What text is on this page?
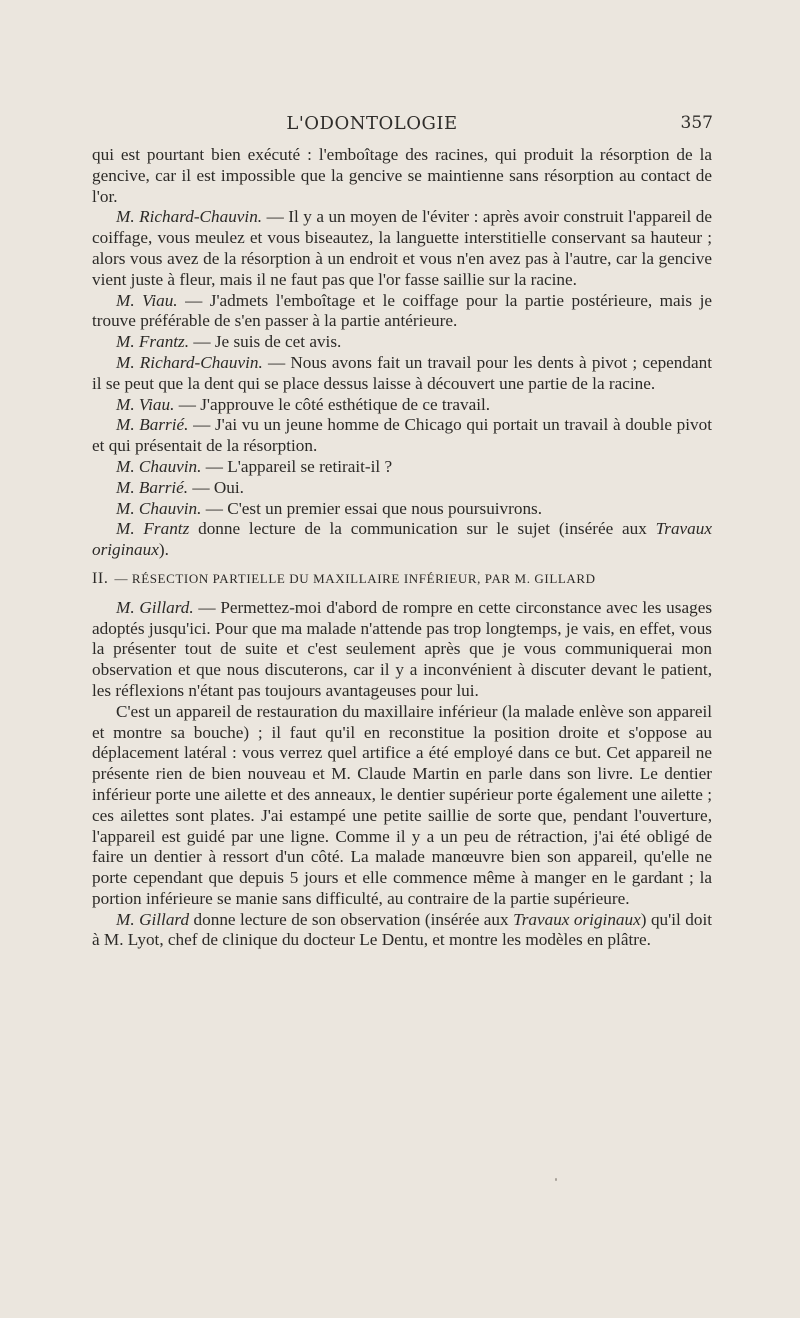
L'ODONTOLOGIE	357

qui est pourtant bien exécuté : l'emboîtage des racines, qui produit la résorption de la gencive, car il est impossible que la gencive se maintienne sans résorption au contact de l'or.

M. Richard-Chauvin. — Il y a un moyen de l'éviter : après avoir construit l'appareil de coiffage, vous meulez et vous biseautez, la languette interstitielle conservant sa hauteur ; alors vous avez de la résorption à un endroit et vous n'en avez pas à l'autre, car la gencive vient juste à fleur, mais il ne faut pas que l'or fasse saillie sur la racine.

M. Viau. — J'admets l'emboîtage et le coiffage pour la partie postérieure, mais je trouve préférable de s'en passer à la partie antérieure.

M. Frantz. — Je suis de cet avis.

M. Richard-Chauvin. — Nous avons fait un travail pour les dents à pivot ; cependant il se peut que la dent qui se place dessus laisse à découvert une partie de la racine.

M. Viau. — J'approuve le côté esthétique de ce travail.

M. Barrié. — J'ai vu un jeune homme de Chicago qui portait un travail à double pivot et qui présentait de la résorption.

M. Chauvin. — L'appareil se retirait-il ?

M. Barrié. — Oui.

M. Chauvin. — C'est un premier essai que nous poursuivrons.

M. Frantz donne lecture de la communication sur le sujet (insérée aux Travaux originaux).

II. — RÉSECTION PARTIELLE DU MAXILLAIRE INFÉRIEUR, PAR M. GILLARD

M. Gillard. — Permettez-moi d'abord de rompre en cette circonstance avec les usages adoptés jusqu'ici. Pour que ma malade n'attende pas trop longtemps, je vais, en effet, vous la présenter tout de suite et c'est seulement après que je vous communiquerai mon observation et que nous discuterons, car il y a inconvénient à discuter devant le patient, les réflexions n'étant pas toujours avantageuses pour lui.

C'est un appareil de restauration du maxillaire inférieur (la malade enlève son appareil et montre sa bouche) ; il faut qu'il en reconstitue la position droite et s'oppose au déplacement latéral : vous verrez quel artifice a été employé dans ce but. Cet appareil ne présente rien de bien nouveau et M. Claude Martin en parle dans son livre. Le dentier inférieur porte une ailette et des anneaux, le dentier supérieur porte également une ailette ; ces ailettes sont plates. J'ai estampé une petite saillie de sorte que, pendant l'ouverture, l'appareil est guidé par une ligne. Comme il y a un peu de rétraction, j'ai été obligé de faire un dentier à ressort d'un côté. La malade manœuvre bien son appareil, qu'elle ne porte cependant que depuis 5 jours et elle commence même à manger en le gardant ; la portion inférieure se manie sans difficulté, au contraire de la partie supérieure.

M. Gillard donne lecture de son observation (insérée aux Travaux originaux) qu'il doit à M. Lyot, chef de clinique du docteur Le Dentu, et montre les modèles en plâtre.
